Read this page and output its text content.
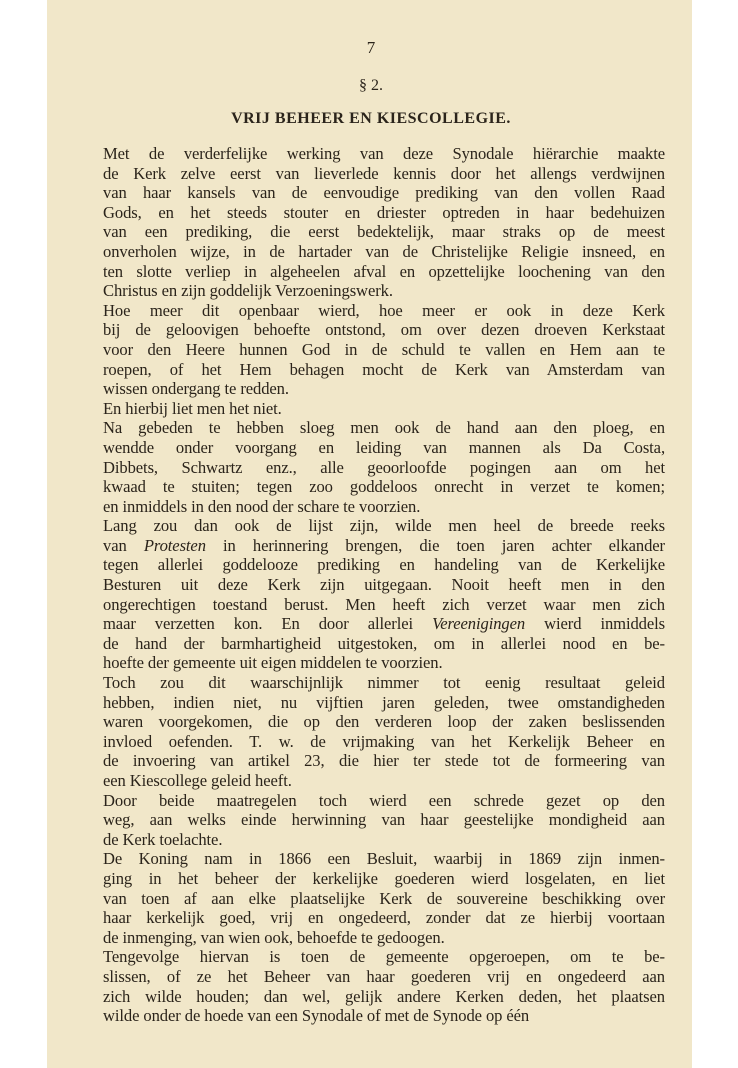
7
§ 2.
VRIJ BEHEER EN KIESCOLLEGIE.
Met de verderfelijke werking van deze Synodale hiërarchie maakte
de Kerk zelve eerst van lieverlede kennis door het allengs verdwijnen
van haar kansels van de eenvoudige prediking van den vollen Raad
Gods, en het steeds stouter en driester optreden in haar bedehuizen
van een prediking, die eerst bedektelijk, maar straks op de meest
onverholen wijze, in de hartader van de Christelijke Religie insneed, en
ten slotte verliep in algeheelen afval en opzettelijke loochening van den
Christus en zijn goddelijk Verzoeningswerk.
Hoe meer dit openbaar wierd, hoe meer er ook in deze Kerk
bij de geloovigen behoefte ontstond, om over dezen droeven Kerkstaat
voor den Heere hunnen God in de schuld te vallen en Hem aan te
roepen, of het Hem behagen mocht de Kerk van Amsterdam van
wissen ondergang te redden.
En hierbij liet men het niet.
Na gebeden te hebben sloeg men ook de hand aan den ploeg, en
wendde onder voorgang en leiding van mannen als Da Costa,
Dibbets, Schwartz enz., alle geoorloofde pogingen aan om het
kwaad te stuiten; tegen zoo goddeloos onrecht in verzet te komen;
en inmiddels in den nood der schare te voorzien.
Lang zou dan ook de lijst zijn, wilde men heel de breede reeks
van Protesten in herinnering brengen, die toen jaren achter elkander
tegen allerlei goddelooze prediking en handeling van de Kerkelijke
Besturen uit deze Kerk zijn uitgegaan. Nooit heeft men in den
ongerechtigen toestand berust. Men heeft zich verzet waar men zich
maar verzetten kon. En door allerlei Vereenigingen wierd inmiddels
de hand der barmhartigheid uitgestoken, om in allerlei nood en be-
hoefte der gemeente uit eigen middelen te voorzien.
Toch zou dit waarschijnlijk nimmer tot eenig resultaat geleid
hebben, indien niet, nu vijftien jaren geleden, twee omstandigheden
waren voorgekomen, die op den verderen loop der zaken beslissenden
invloed oefenden. T. w. de vrijmaking van het Kerkelijk Beheer en
de invoering van artikel 23, die hier ter stede tot de formeering van
een Kiescollege geleid heeft.
Door beide maatregelen toch wierd een schrede gezet op den
weg, aan welks einde herwinning van haar geestelijke mondigheid aan
de Kerk toelachte.
De Koning nam in 1866 een Besluit, waarbij in 1869 zijn inmen-
ging in het beheer der kerkelijke goederen wierd losgelaten, en liet
van toen af aan elke plaatselijke Kerk de souvereine beschikking over
haar kerkelijk goed, vrij en ongedeerd, zonder dat ze hierbij voortaan
de inmenging, van wien ook, behoefde te gedoogen.
Tengevolge hiervan is toen de gemeente opgeroepen, om te be-
slissen, of ze het Beheer van haar goederen vrij en ongedeerd aan
zich wilde houden; dan wel, gelijk andere Kerken deden, het plaatsen
wilde onder de hoede van een Synodale of met de Synode op één
